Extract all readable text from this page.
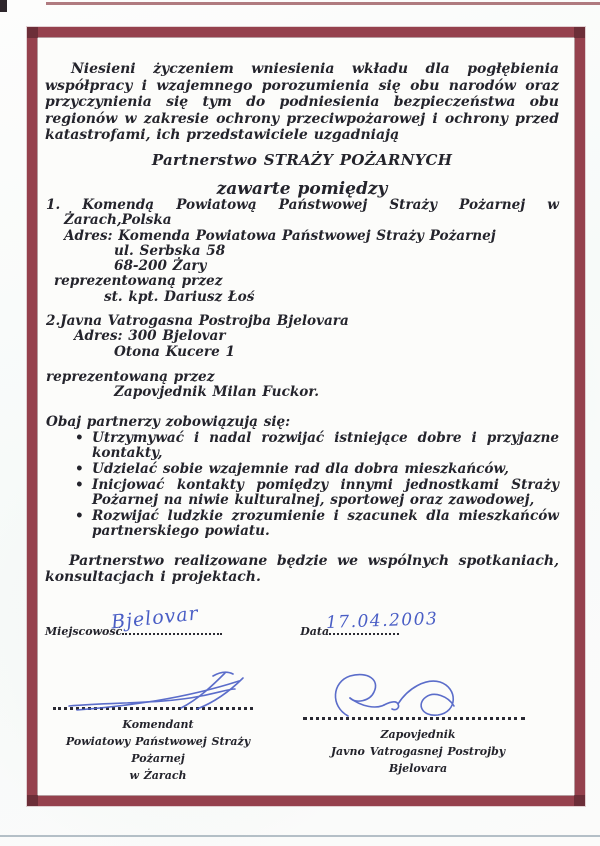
Niesieni życzeniem wniesienia wkładu dla pogłębienia współpracy i wzajemnego porozumienia się obu narodów oraz przyczynienia się tym do podniesienia bezpieczeństwa obu regionów w zakresie ochrony przeciwpożarowej i ochrony przed katastrofami, ich przedstawiciele uzgadniają

Partnerstwo STRAŻY POŻARNYCH
zawarte pomiędzy
1. Komendą Powiatową Państwowej Straży Pożarnej w
Żarach,Polska
Adres: Komenda Powiatowa Państwowej Straży Pożarnej
ul. Serbska 58
68-200 Żary
reprezentowaną przez
st. kpt. Dariusz Łoś
2.Javna Vatrogasna Postrojba Bjelovara
Adres: 300 Bjelovar
Otona Kucere 1
reprezentowaną przez
Zapovjednik Milan Fuckor.
Obaj partnerzy zobowiązują się:
• Utrzymywać i nadal rozwijać istniejące dobre i przyjazne kontakty,
• Udzielać sobie wzajemnie rad dla dobra mieszkańców,
• Inicjować kontakty pomiędzy innymi jednostkami Straży Pożarnej na niwie kulturalnej, sportowej oraz zawodowej,
• Rozwijać ludzkie zrozumienie i szacunek dla mieszkańców partnerskiego powiatu.

Partnerstwo realizowane będzie we wspólnych spotkaniach, konsultacjach i projektach.

Miejscowość
Bjelovar	Data
17.04.2003
Komendant
Powiatowy Państwowej Straży Pożarnej
w Żarach
Zapovjednik
Javno Vatrogasnej Postrojby Bjelovara
